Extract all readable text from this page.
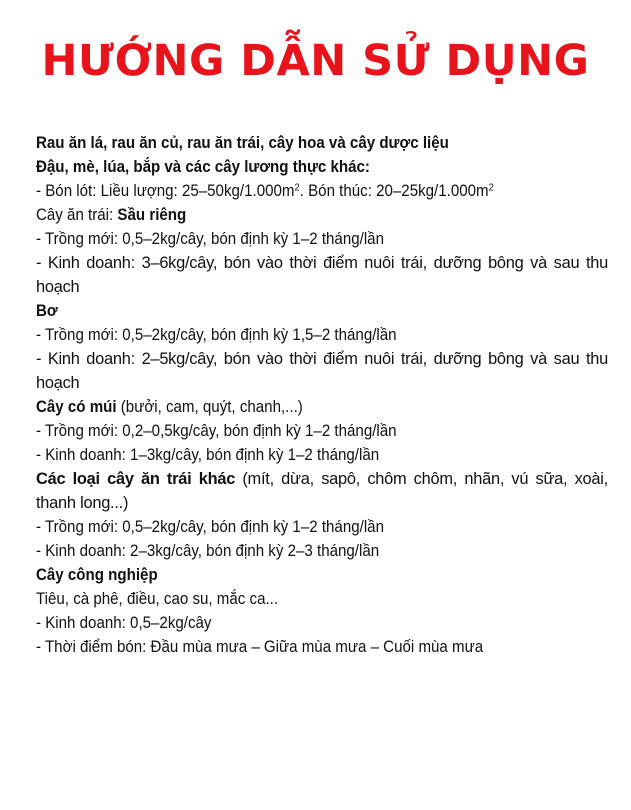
HƯỚNG DẪN SỬ DỤNG
Rau ăn lá, rau ăn củ, rau ăn trái, cây hoa và cây dược liệu
Đậu, mè, lúa, bắp và các cây lương thực khác:
- Bón lót: Liều lượng: $25-50kg/1.000m^2$. Bón thúc: $20-25kg/1.000m^2$
Cây ăn trái: Sầu riêng
- Trồng mới: 0,5–2kg/cây, bón định kỳ 1–2 tháng/lần
- Kinh doanh: 3–6kg/cây, bón vào thời điểm nuôi trái, dưỡng bông và sau thu hoạch
Bơ
- Trồng mới: 0,5–2kg/cây, bón định kỳ 1,5–2 tháng/lần
- Kinh doanh: 2–5kg/cây, bón vào thời điểm nuôi trái, dưỡng bông và sau thu hoạch
Cây có múi (bưởi, cam, quýt, chanh,...)
- Trồng mới: 0,2–0,5kg/cây, bón định kỳ 1–2 tháng/lần
- Kinh doanh: 1–3kg/cây, bón định kỳ 1–2 tháng/lần
Các loại cây ăn trái khác (mít, dừa, sapô, chôm chôm, nhãn, vú sữa, xoài, thanh long...)
- Trồng mới: 0,5–2kg/cây, bón định kỳ 1–2 tháng/lần
- Kinh doanh: 2–3kg/cây, bón định kỳ 2–3 tháng/lần
Cây công nghiệp
Tiêu, cà phê, điều, cao su, mắc ca...
- Kinh doanh: 0,5–2kg/cây
- Thời điểm bón: Đầu mùa mưa – Giữa mùa mưa – Cuối mùa mưa
